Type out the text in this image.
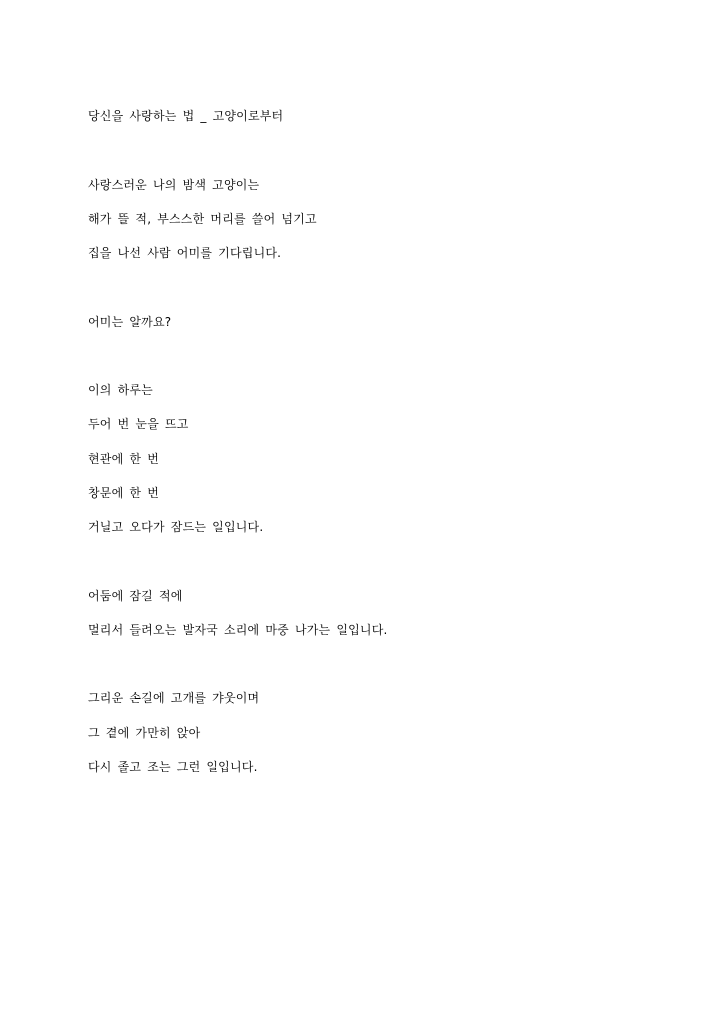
당신을 사랑하는 법 _ 고양이로부터
사랑스러운 나의 밤색 고양이는
해가 뜰 적, 부스스한 머리를 쓸어 넘기고
집을 나선 사람 어미를 기다립니다.
어미는 알까요?
이의 하루는
두어 번 눈을 뜨고
현관에 한 번
창문에 한 번
거닐고 오다가 잠드는 일입니다.
어둠에 잠길 적에
멀리서 들려오는 발자국 소리에 마중 나가는 일입니다.
그리운 손길에 고개를 갸웃이며
그 곁에 가만히 앉아
다시 졸고 조는 그런 일입니다.
